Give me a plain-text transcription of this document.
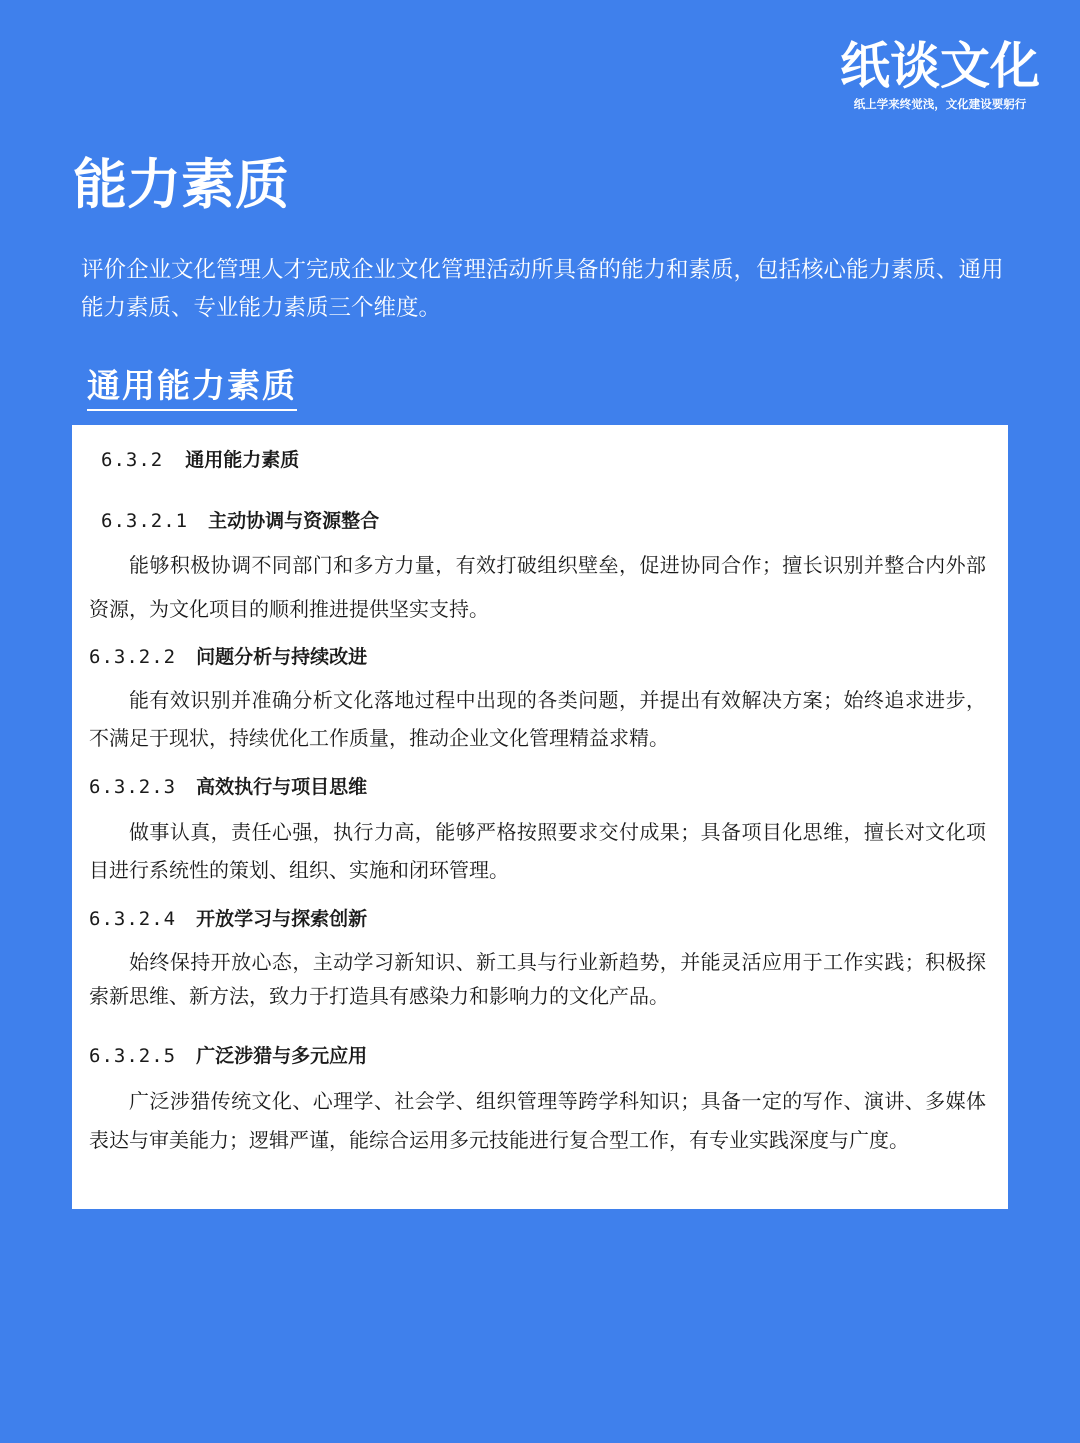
纸谈文化
纸上学来终觉浅，文化建设要躬行
能力素质

评价企业文化管理人才完成企业文化管理活动所具备的能力和素质，包括核心能力素质、通用能力素质、专业能力素质三个维度。

通用能力素质
6.3.2 通用能力素质
6.3.2.1 主动协调与资源整合

能够积极协调不同部门和多方力量，有效打破组织壁垒，促进协同合作；擅长识别并整合内外部资源，为文化项目的顺利推进提供坚实支持。

6.3.2.2 问题分析与持续改进

能有效识别并准确分析文化落地过程中出现的各类问题，并提出有效解决方案；始终追求进步，不满足于现状，持续优化工作质量，推动企业文化管理精益求精。

6.3.2.3 高效执行与项目思维

做事认真，责任心强，执行力高，能够严格按照要求交付成果；具备项目化思维，擅长对文化项目进行系统性的策划、组织、实施和闭环管理。

6.3.2.4 开放学习与探索创新

始终保持开放心态，主动学习新知识、新工具与行业新趋势，并能灵活应用于工作实践；积极探索新思维、新方法，致力于打造具有感染力和影响力的文化产品。

6.3.2.5 广泛涉猎与多元应用

广泛涉猎传统文化、心理学、社会学、组织管理等跨学科知识；具备一定的写作、演讲、多媒体表达与审美能力；逻辑严谨，能综合运用多元技能进行复合型工作，有专业实践深度与广度。
